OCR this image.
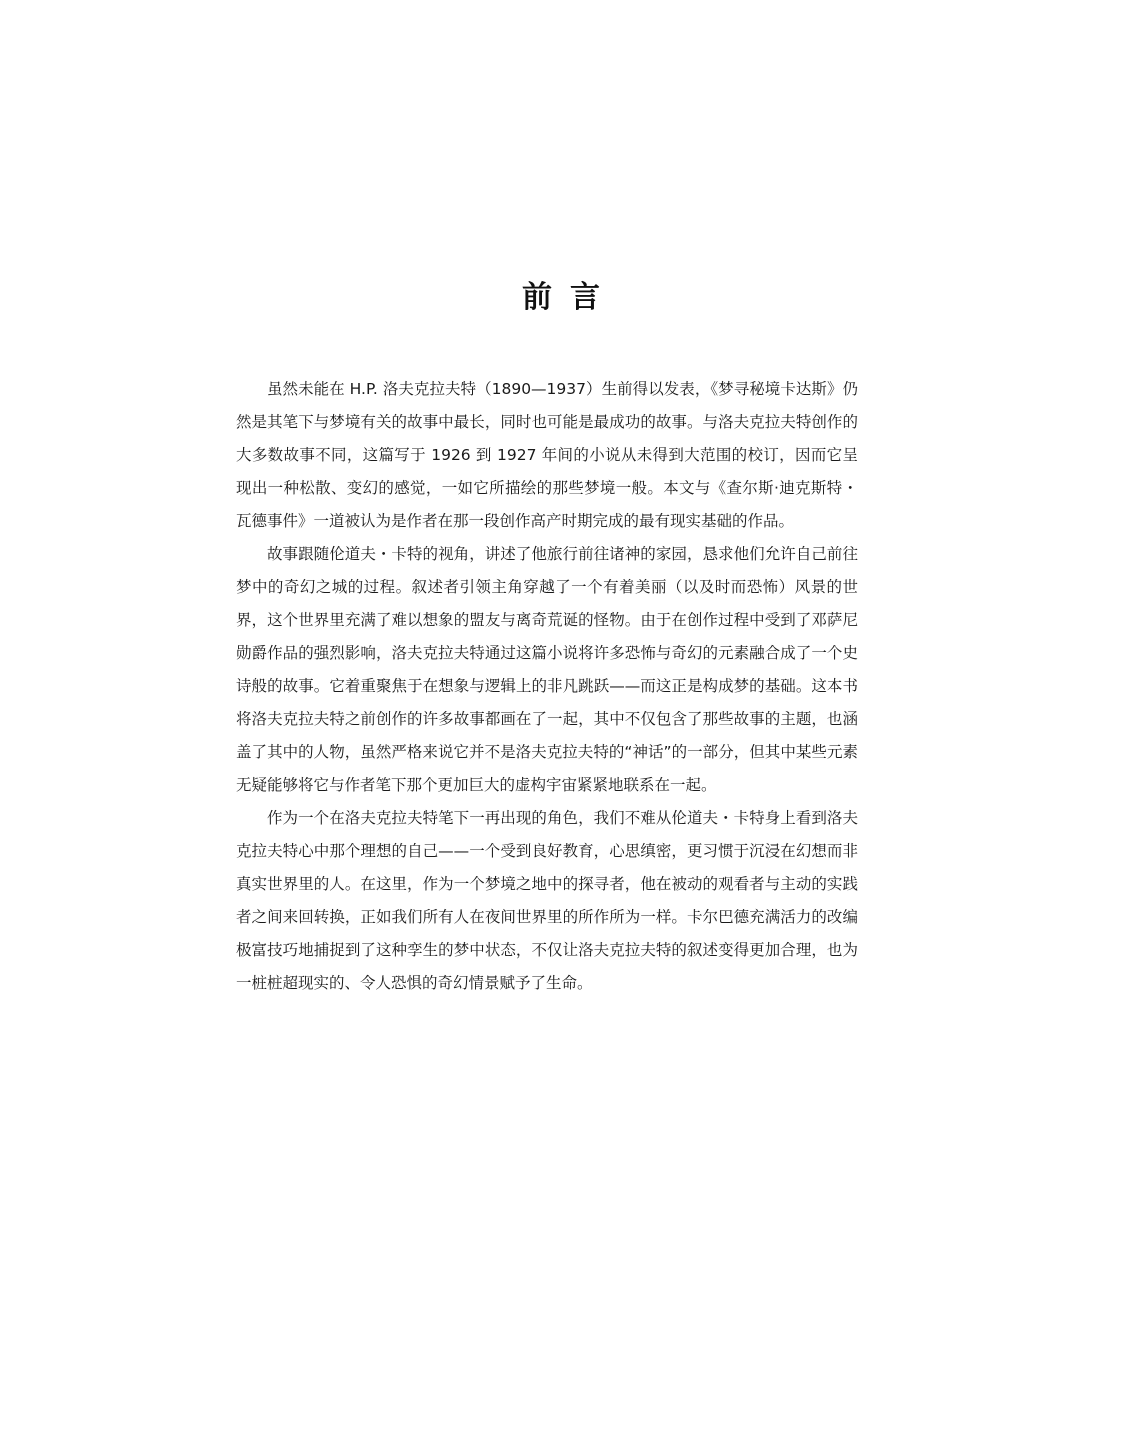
前言

虽然未能在 H.P. 洛夫克拉夫特（1890—1937）生前得以发表，《梦寻秘境卡达斯》仍然是其笔下与梦境有关的故事中最长，同时也可能是最成功的故事。与洛夫克拉夫特创作的大多数故事不同，这篇写于 1926 到 1927 年间的小说从未得到大范围的校订，因而它呈现出一种松散、变幻的感觉，一如它所描绘的那些梦境一般。本文与《查尔斯·迪克斯特・瓦德事件》一道被认为是作者在那一段创作高产时期完成的最有现实基础的作品。

故事跟随伦道夫・卡特的视角，讲述了他旅行前往诸神的家园，恳求他们允许自己前往梦中的奇幻之城的过程。叙述者引领主角穿越了一个有着美丽（以及时而恐怖）风景的世界，这个世界里充满了难以想象的盟友与离奇荒诞的怪物。由于在创作过程中受到了邓萨尼勋爵作品的强烈影响，洛夫克拉夫特通过这篇小说将许多恐怖与奇幻的元素融合成了一个史诗般的故事。它着重聚焦于在想象与逻辑上的非凡跳跃——而这正是构成梦的基础。这本书将洛夫克拉夫特之前创作的许多故事都画在了一起，其中不仅包含了那些故事的主题，也涵盖了其中的人物，虽然严格来说它并不是洛夫克拉夫特的“神话”的一部分，但其中某些元素无疑能够将它与作者笔下那个更加巨大的虚构宇宙紧紧地联系在一起。

作为一个在洛夫克拉夫特笔下一再出现的角色，我们不难从伦道夫・卡特身上看到洛夫克拉夫特心中那个理想的自己——一个受到良好教育，心思缜密，更习惯于沉浸在幻想而非真实世界里的人。在这里，作为一个梦境之地中的探寻者，他在被动的观看者与主动的实践者之间来回转换，正如我们所有人在夜间世界里的所作所为一样。卡尔巴德充满活力的改编极富技巧地捕捉到了这种孪生的梦中状态，不仅让洛夫克拉夫特的叙述变得更加合理，也为一桩桩超现实的、令人恐惧的奇幻情景赋予了生命。
